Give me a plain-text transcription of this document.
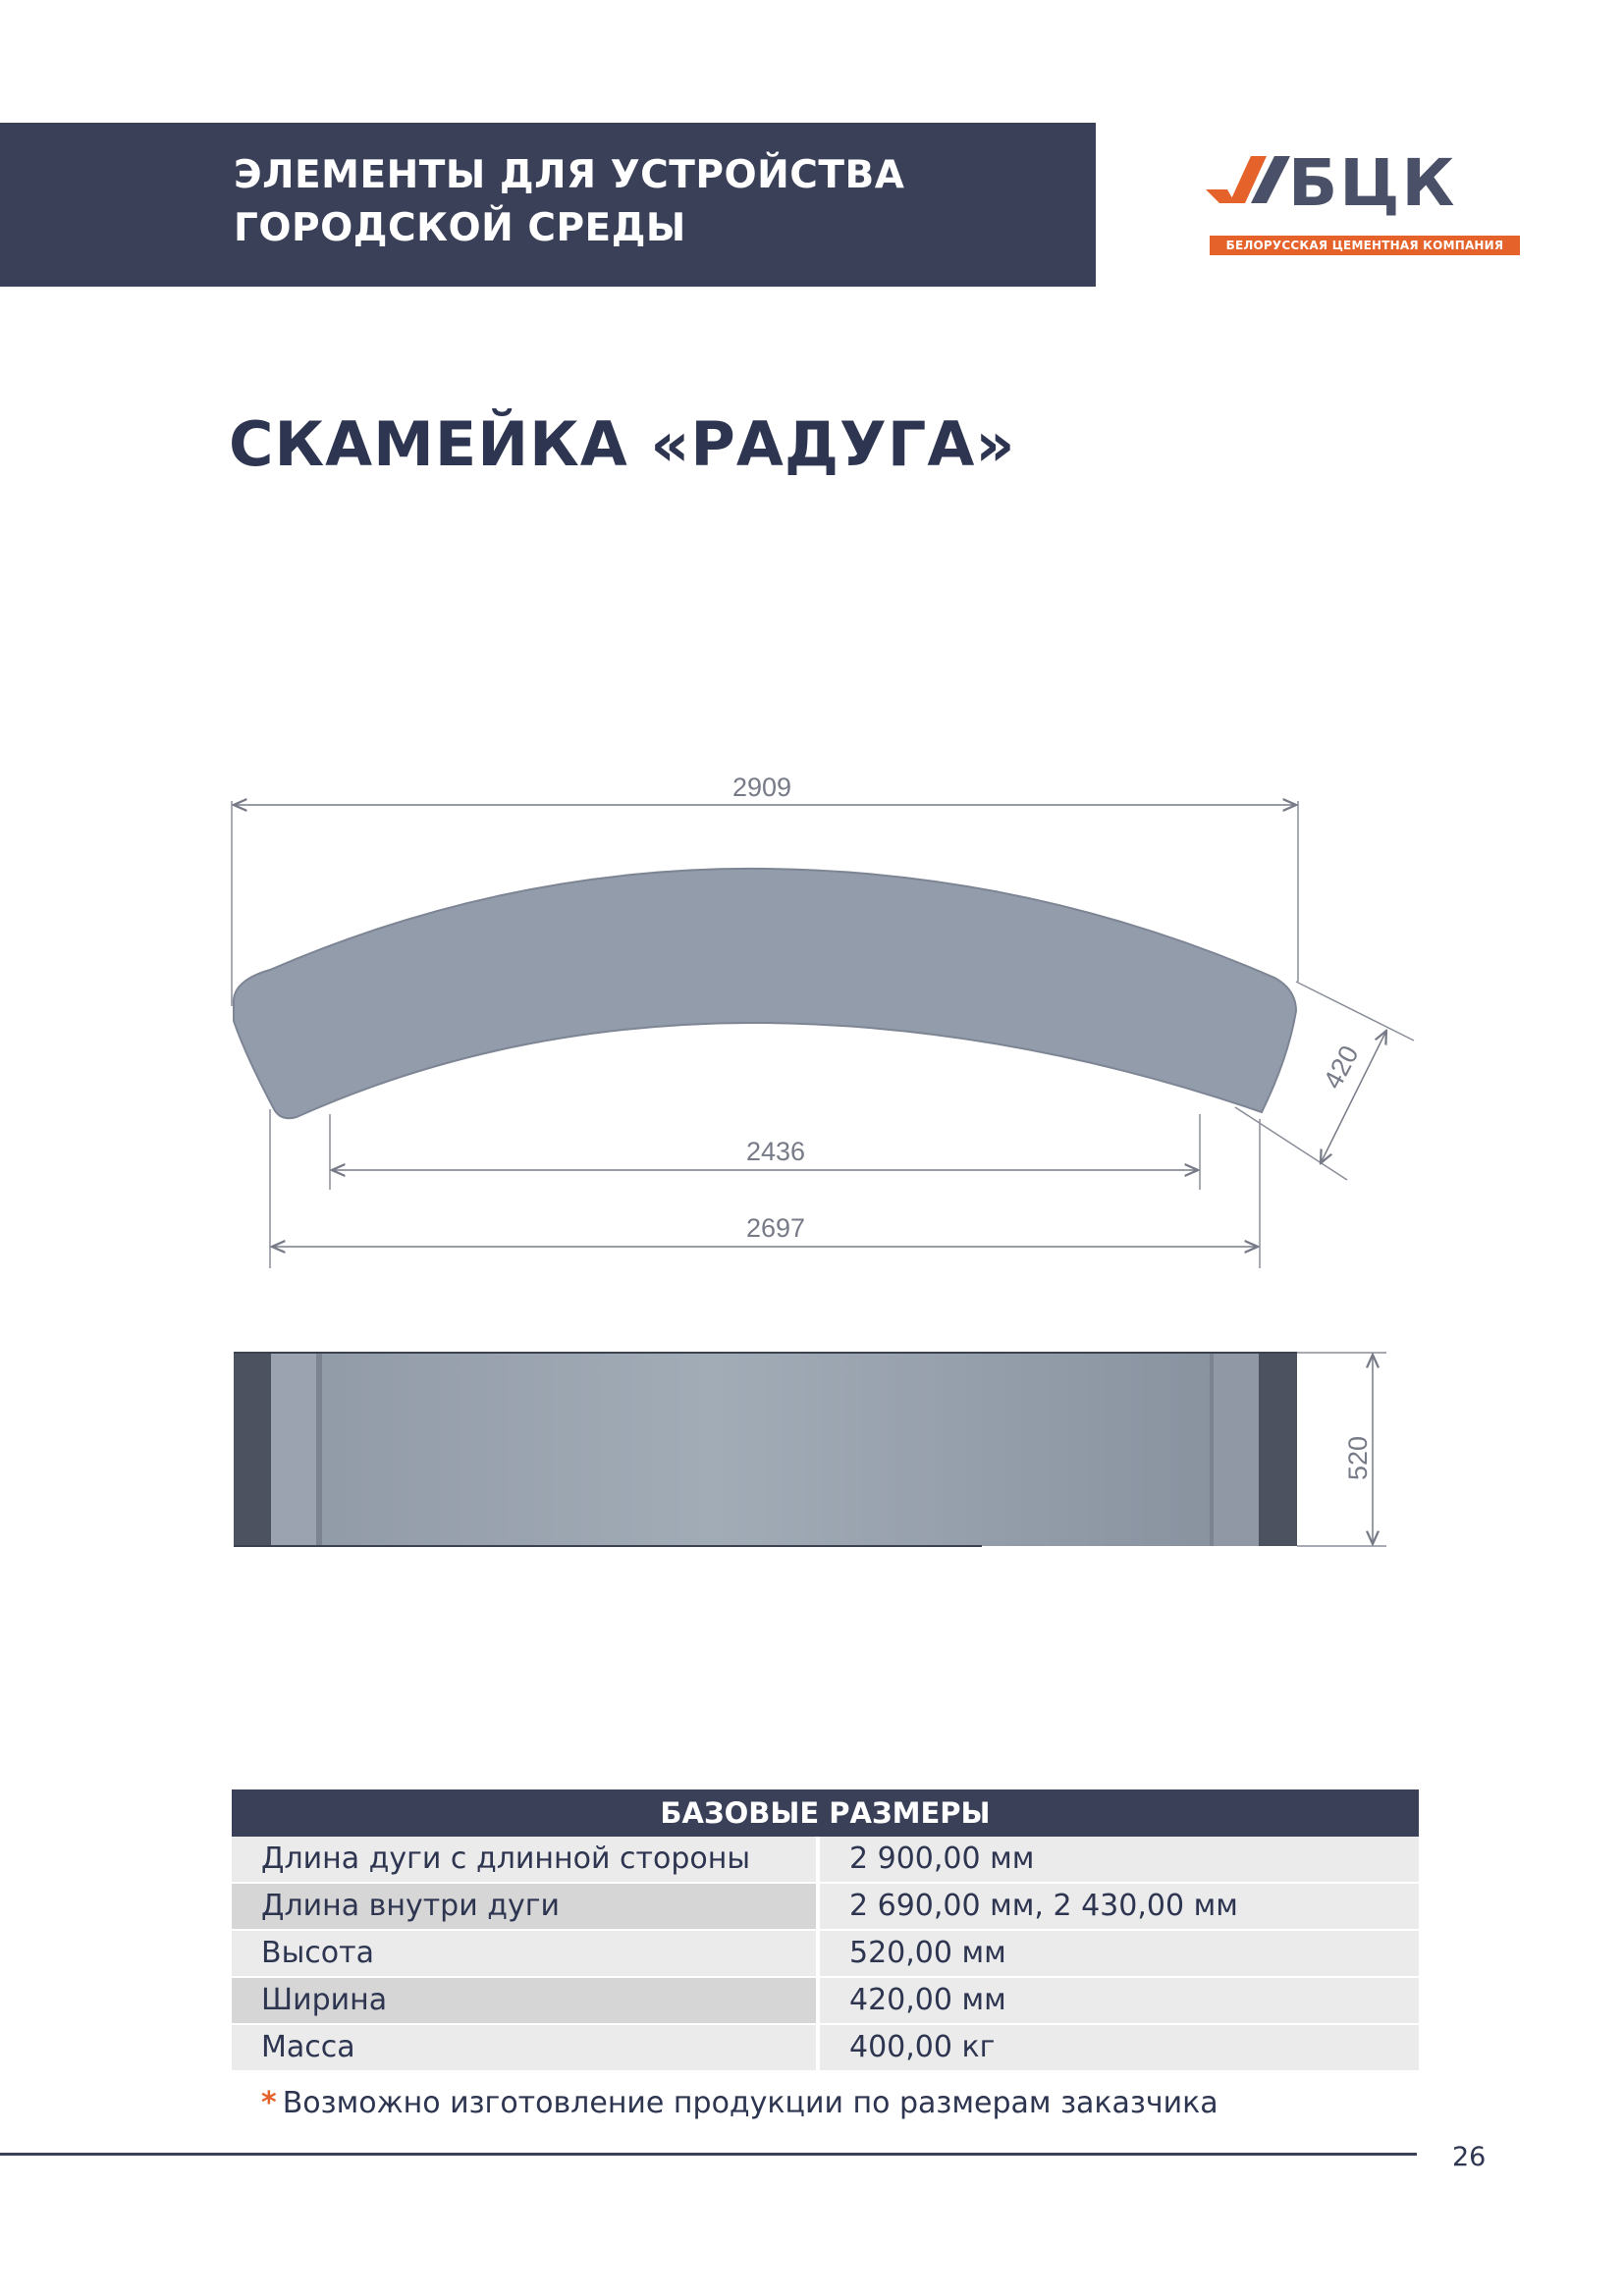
ЭЛЕМЕНТЫ ДЛЯ УСТРОЙСТВА
ГОРОДСКОЙ СРЕДЫ
БЦК
БЕЛОРУССКАЯ ЦЕМЕНТНАЯ КОМПАНИЯ
СКАМЕЙКА «РАДУГА»
2909
2436
2697
420
520
БАЗОВЫЕ РАЗМЕРЫ
Длина дуги с длинной стороны	2 900,00 мм
Длина внутри дуги	2 690,00 мм, 2 430,00 мм
Высота	520,00 мм
Ширина	420,00 мм
Масса	400,00 кг
* Возможно изготовление продукции по размерам заказчика
26
